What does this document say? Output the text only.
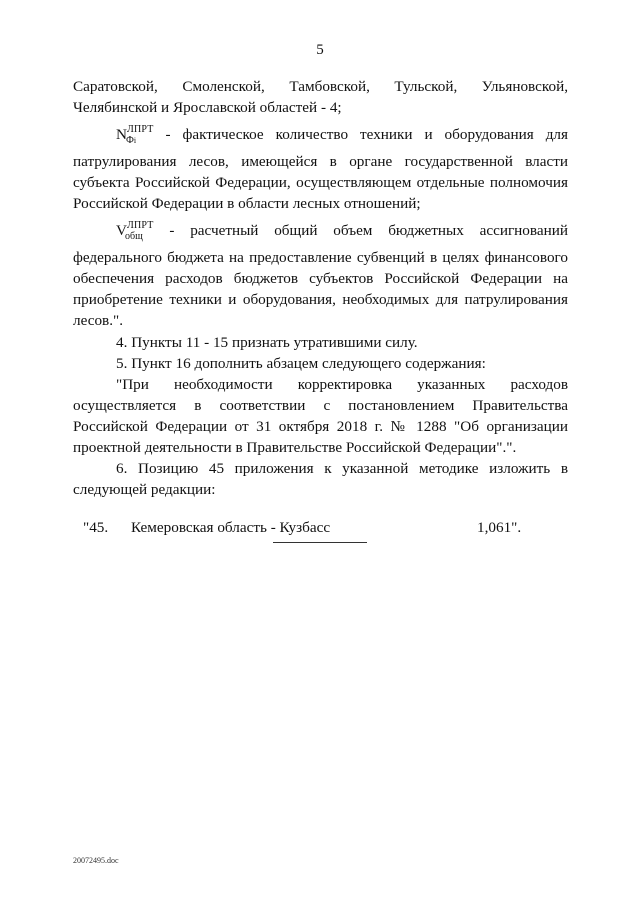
5

Саратовской, Смоленской, Тамбовской, Тульской, Ульяновской,

Челябинской и Ярославской областей - 4;

$N^{ЛПРТ}$
Фi - фактическое количество техники и оборудования для

патрулирования лесов, имеющейся в органе государственной власти

субъекта Российской Федерации, осуществляющем отдельные полномочия

Российской Федерации в области лесных отношений;

$V^{ЛПРТ}$
общ - расчетный общий объем бюджетных ассигнований

федерального бюджета на предоставление субвенций в целях финансового

обеспечения расходов бюджетов субъектов Российской Федерации на

приобретение техники и оборудования, необходимых для патрулирования

лесов.".

4. Пункты 11 - 15 признать утратившими силу.

5. Пункт 16 дополнить абзацем следующего содержания:

"При необходимости корректировка указанных расходов

осуществляется в соответствии с постановлением Правительства

Российской Федерации от 31 октября 2018 г. № 1288 "Об организации

проектной деятельности в Правительстве Российской Федерации".".

6. Позицию 45 приложения к указанной методике изложить в

следующей редакции:

"45.	Кемеровская область - Кузбасс	1,061".
20072495.doc
